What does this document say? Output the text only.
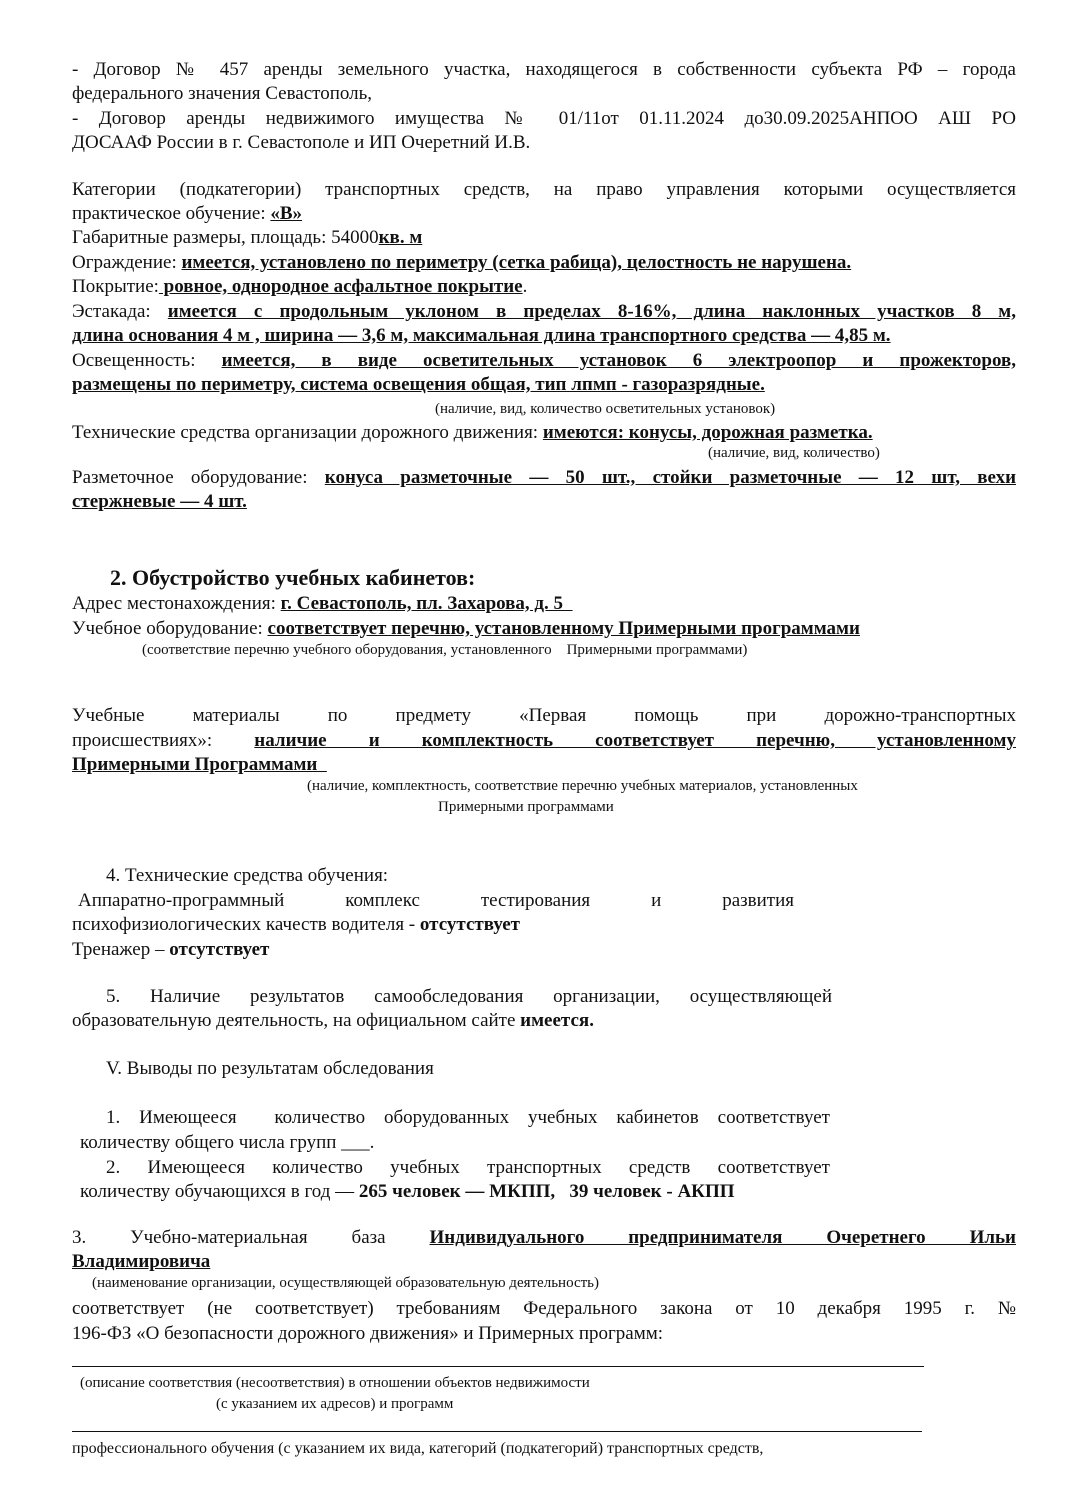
- Договор № 457 аренды земельного участка, находящегося в собственности субъекта РФ – города
федерального значения Севастополь,
- Договор аренды недвижимого имущества № 01/11от 01.11.2024 до30.09.2025АНПОО АШ РО
ДОСААФ России в г. Севастополе и ИП Очеретний И.В.
Категории (подкатегории) транспортных средств, на право управления которыми осуществляется
практическое обучение: «В»
Габаритные размеры, площадь: 54000кв. м
Ограждение: имеется, установлено по периметру (сетка рабица), целостность не нарушена.
Покрытие: ровное, однородное асфальтное покрытие.
Эстакада: имеется с продольным уклоном в пределах 8-16%, длина наклонных участков 8 м,
длина основания 4 м , ширина — 3,6 м, максимальная длина транспортного средства — 4,85 м.
Освещенность: имеется, в виде осветительных установок 6 электроопор и прожекторов,
размещены по периметру, система освещения общая, тип лпмп - газоразрядные.
(наличие, вид, количество осветительных установок)
Технические средства организации дорожного движения: имеются: конусы, дорожная разметка.
(наличие, вид, количество)
Разметочное оборудование: конуса разметочные — 50 шт., стойки разметочные — 12 шт, вехи
стержневые — 4 шт.
2. Обустройство учебных кабинетов:
Адрес местонахождения: г. Севастополь, пл. Захарова, д. 5
Учебное оборудование: соответствует перечню, установленному Примерными программами
(соответствие перечню учебного оборудования, установленного    Примерными программами)
Учебные материалы по предмету «Первая помощь при дорожно-транспортных
происшествиях»: наличие и комплектность соответствует перечню, установленному
Примерными Программами
(наличие, комплектность, соответствие перечню учебных материалов, установленных
Примерными программами
4. Технические средства обучения:
Аппаратно-программный комплекс тестирования и развития
психофизиологических качеств водителя - отсутствует
Тренажер – отсутствует
5. Наличие результатов самообследования организации, осуществляющей
образовательную деятельность, на официальном сайте имеется.
V. Выводы по результатам обследования
1. Имеющееся  количество оборудованных учебных кабинетов соответствует
количеству общего числа групп ___.
2. Имеющееся количество учебных транспортных средств соответствует
количеству обучающихся в год — 265 человек — МКПП,   39 человек - АКПП
3. Учебно-материальная база Индивидуального предпринимателя Очеретнего Ильи
Владимировича
(наименование организации, осуществляющей образовательную деятельность)
соответствует (не соответствует) требованиям Федерального закона от 10 декабря 1995 г. №
196-ФЗ «О безопасности дорожного движения» и Примерных программ:
(описание соответствия (несоответствия) в отношении объектов недвижимости
(с указанием их адресов) и программ
профессионального обучения (с указанием их вида, категорий (подкатегорий) транспортных средств,
